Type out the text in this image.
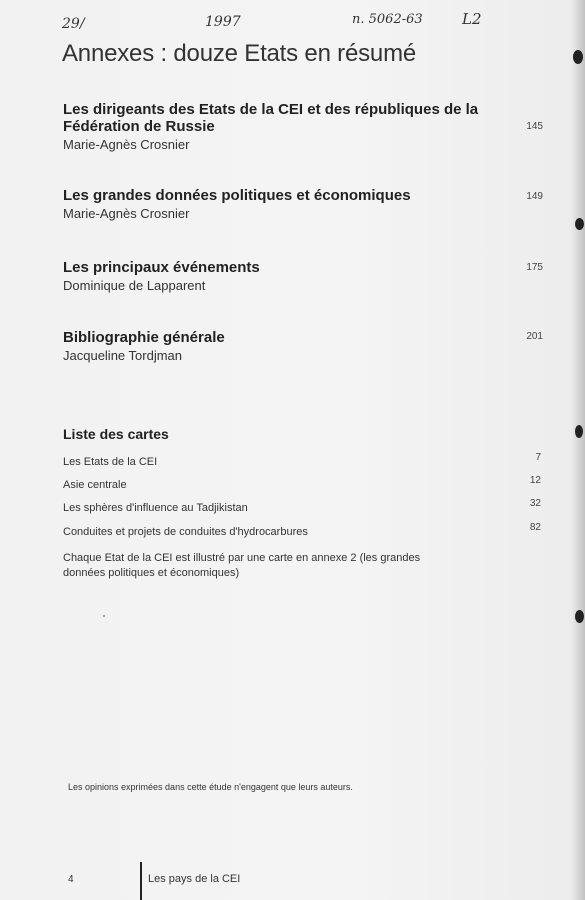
29/	1997	n. 5062-63	L2
Annexes : douze Etats en résumé
Les dirigeants des Etats de la CEI et des républiques de la Fédération de Russie
Marie-Agnès Crosnier
145
Les grandes données politiques et économiques
Marie-Agnès Crosnier
149
Les principaux événements
Dominique de Lapparent
175
Bibliographie générale
Jacqueline Tordjman
201
Liste des cartes
Les Etats de la CEI	7
Asie centrale	12
Les sphères d'influence au Tadjikistan	32
Conduites et projets de conduites d'hydrocarbures	82
Chaque Etat de la CEI est illustré par une carte en annexe 2 (les grandes données politiques et économiques)
Les opinions exprimées dans cette étude n'engagent que leurs auteurs.
4	Les pays de la CEI
